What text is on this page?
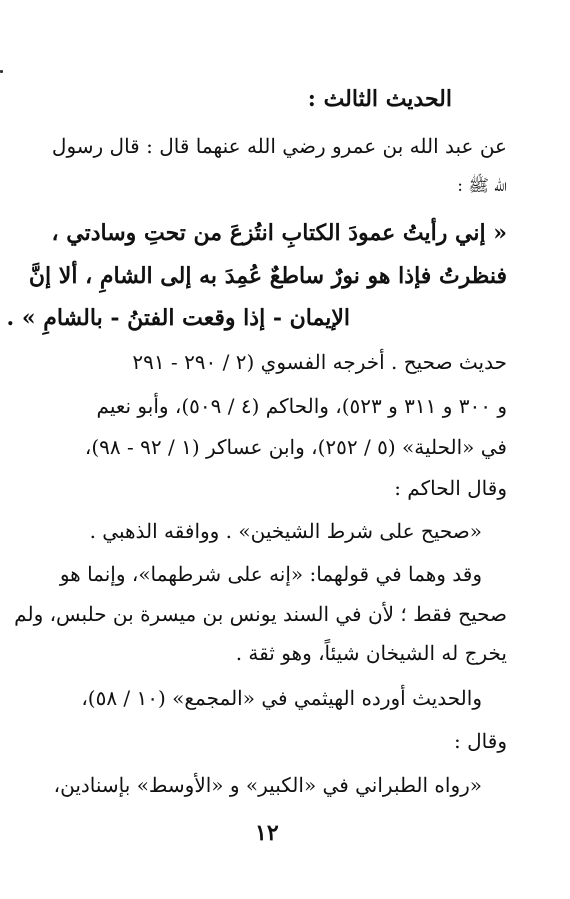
الحديث الثالث :
عن عبد الله بن عمرو رضي الله عنهما قال : قال رسول
الله ﷺ :
« إني رأيتُ عمودَ الكتابِ انتُزعَ من تحتِ وسادتي ،
فنظرتُ فإذا هو نورٌ ساطعٌ عُمِدَ به إلى الشامِ ، ألا إنَّ
الإيمان - إذا وقعت الفتنُ - بالشامِ » .
حديث صحيح . أخرجه الفسوي (٢ / ٢٩٠ - ٢٩١
و ٣٠٠ و ٣١١ و ٥٢٣)، والحاكم (٤ / ٥٠٩)، وأبو نعيم
في «الحلية» (٥ / ٢٥٢)، وابن عساكر (١ / ٩٢ - ٩٨)،
وقال الحاكم :
«صحيح على شرط الشيخين» . ووافقه الذهبي .
وقد وهما في قولهما: «إنه على شرطهما»، وإنما هو
صحيح فقط ؛ لأن في السند يونس بن ميسرة بن حلبس، ولم
يخرج له الشيخان شيئاً، وهو ثقة .
والحديث أورده الهيثمي في «المجمع» (١٠ / ٥٨)،
وقال :
«رواه الطبراني في «الكبير» و «الأوسط» بإسنادين،
١٢
